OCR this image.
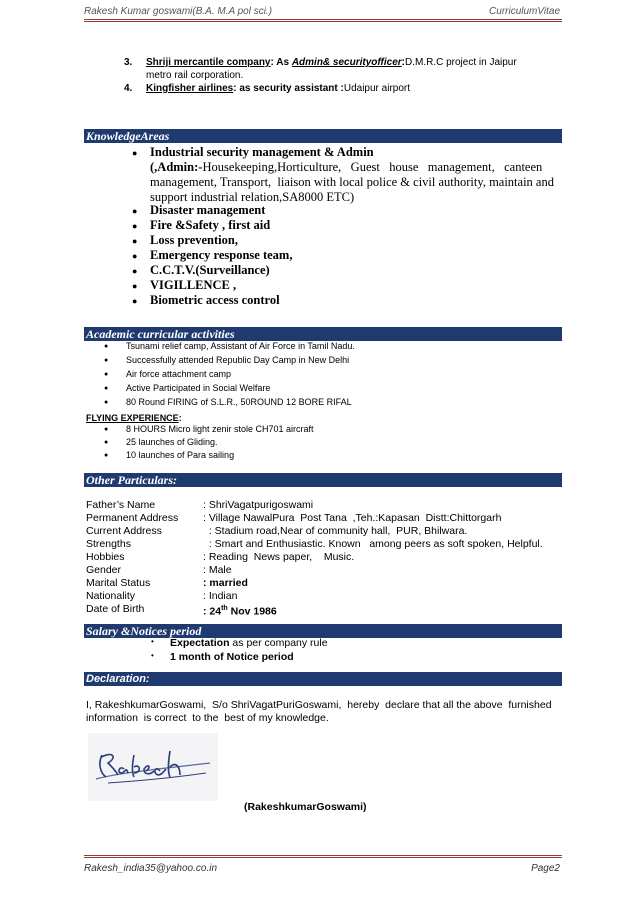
Rakesh Kumar goswami(B.A. M.A pol sci.)	CurriculumVitae
3. Shriji mercantile company: As Admin& securityofficer:D.M.R.C project in Jaipur
metro rail corporation.
4. Kingfisher airlines: as security assistant :Udaipur airport
KnowledgeAreas
● Industrial security management & Admin
(,Admin:-Housekeeping,Horticulture,   Guest   house   management,   canteen
management, Transport,  liaison with local police & civil authority, maintain and
support industrial relation,SA8000 ETC)
● Disaster management
● Fire &Safety , first aid
● Loss prevention,
● Emergency response team,
● C.C.T.V.(Surveillance)
● VIGILLENCE ,
● Biometric access control
Academic curricular activities
● Tsunami relief camp, Assistant of Air Force in Tamil Nadu.
● Successfully attended Republic Day Camp in New Delhi
● Air force attachment camp
● Active Participated in Social Welfare
● 80 Round FIRING of S.L.R., 50ROUND 12 BORE RIFAL
FLYING EXPERIENCE:
● 8 HOURS Micro light zenir stole CH701 aircraft
● 25 launches of Gliding.
● 10 launches of Para sailing
Other Particulars:
Father’s Name	: ShriVagatpurigoswami
Permanent Address : Village NawalPura  Post Tana  ,Teh.:Kapasan  Distt:Chittorgarh
Current Address	: Stadium road,Near of community hall,  PUR, Bhilwara.
Strengths	: Smart and Enthusiastic. Known   among peers as soft spoken, Helpful.
Hobbies	: Reading  News paper,    Music.
Gender	: Male
Marital Status	: married
Nationality	: Indian
Date of Birth	: 24th Nov 1986
Salary &Notices period
• Expectation as per company rule
• 1 month of Notice period
Declaration:
I, RakeshkumarGoswami,  S/o ShriVagatPuriGoswami,  hereby  declare that all the above  furnished
information  is correct  to the  best of my knowledge.
(RakeshkumarGoswami)
Rakesh_india35@yahoo.co.in	Page2
